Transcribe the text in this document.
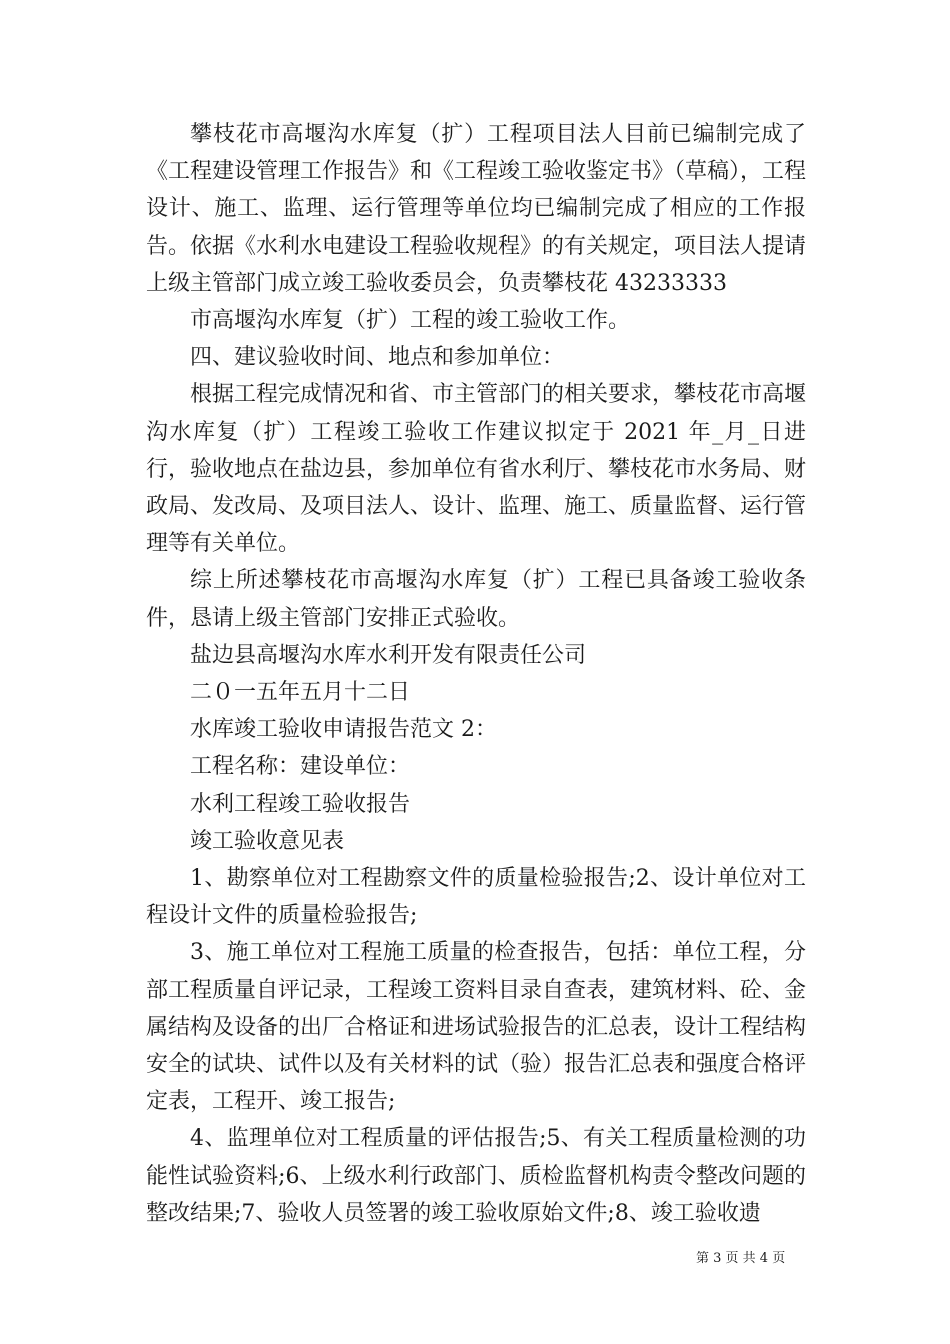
攀枝花市高堰沟水库复（扩）工程项目法人目前已编制完成了《工程建设管理工作报告》和《工程竣工验收鉴定书》（草稿），工程设计、施工、监理、运行管理等单位均已编制完成了相应的工作报告。依据《水利水电建设工程验收规程》的有关规定，项目法人提请上级主管部门成立竣工验收委员会，负责攀枝花 43233333

市高堰沟水库复（扩）工程的竣工验收工作。

四、建议验收时间、地点和参加单位：

根据工程完成情况和省、市主管部门的相关要求，攀枝花市高堰沟水库复（扩）工程竣工验收工作建议拟定于 2021 年_月_日进行，验收地点在盐边县，参加单位有省水利厅、攀枝花市水务局、财政局、发改局、及项目法人、设计、监理、施工、质量监督、运行管理等有关单位。

综上所述攀枝花市高堰沟水库复（扩）工程已具备竣工验收条件，恳请上级主管部门安排正式验收。

盐边县高堰沟水库水利开发有限责任公司

二０一五年五月十二日

水库竣工验收申请报告范文 2：

工程名称：建设单位：

水利工程竣工验收报告

竣工验收意见表

1、勘察单位对工程勘察文件的质量检验报告;2、设计单位对工程设计文件的质量检验报告;

3、施工单位对工程施工质量的检查报告，包括：单位工程，分部工程质量自评记录，工程竣工资料目录自查表，建筑材料、砼、金属结构及设备的出厂合格证和进场试验报告的汇总表，设计工程结构安全的试块、试件以及有关材料的试（验）报告汇总表和强度合格评定表，工程开、竣工报告;

4、监理单位对工程质量的评估报告;5、有关工程质量检测的功能性试验资料;6、上级水利行政部门、质检监督机构责令整改问题的整改结果;7、验收人员签署的竣工验收原始文件;8、竣工验收遗

第 3 页 共 4 页
